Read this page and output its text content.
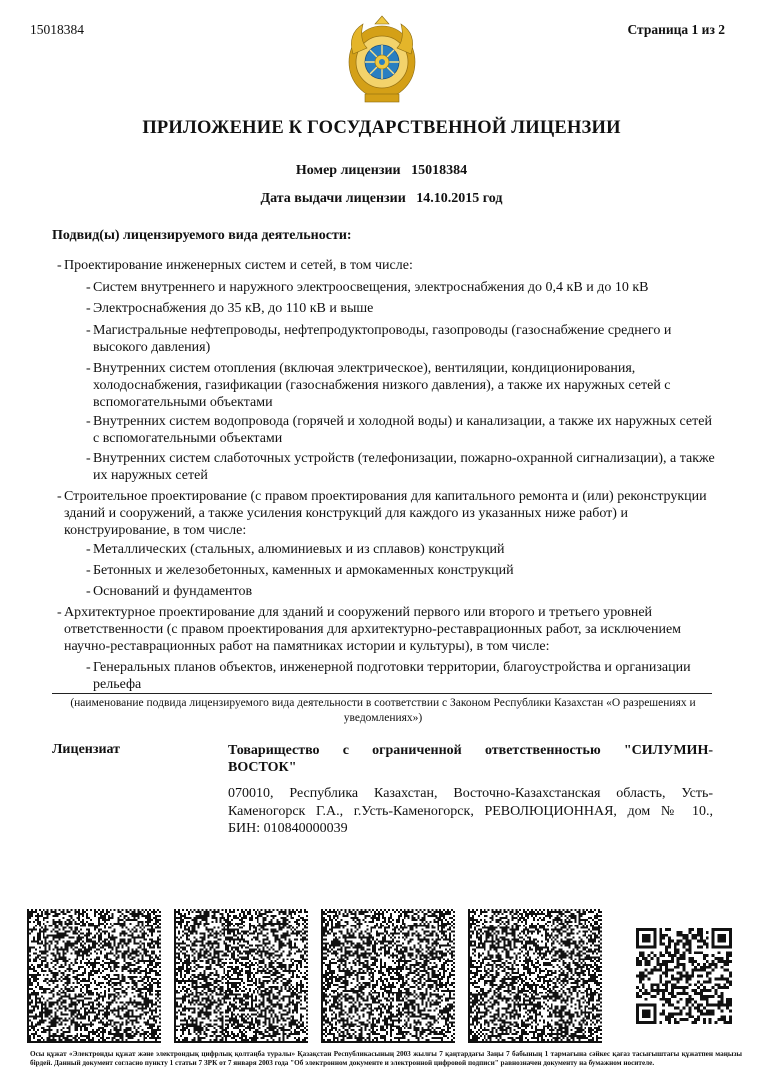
15018384	Страница 1 из 2
ПРИЛОЖЕНИЕ К ГОСУДАРСТВЕННОЙ ЛИЦЕНЗИИ
Номер лицензии   15018384
Дата выдачи лицензии   14.10.2015 год
Подвид(ы) лицензируемого вида деятельности:
- Проектирование инженерных систем и сетей, в том числе:
- Систем внутреннего и наружного электроосвещения, электроснабжения до 0,4 кВ и до 10 кВ
- Электроснабжения до 35 кВ, до 110 кВ и выше
- Магистральные нефтепроводы, нефтепродуктопроводы, газопроводы (газоснабжение среднего и высокого давления)
- Внутренних систем отопления (включая электрическое), вентиляции, кондиционирования, холодоснабжения, газификации (газоснабжения низкого давления), а также их наружных сетей с вспомогательными объектами
- Внутренних систем водопровода (горячей и холодной воды) и канализации, а также их наружных сетей с вспомогательными объектами
- Внутренних систем слаботочных устройств (телефонизации, пожарно-охранной сигнализации), а также их наружных сетей
- Строительное проектирование (с правом проектирования для капитального ремонта и (или) реконструкции зданий и сооружений, а также усиления конструкций для каждого из указанных ниже работ) и конструирование, в том числе:
- Металлических (стальных, алюминиевых и из сплавов) конструкций
- Бетонных и железобетонных, каменных и армокаменных конструкций
- Оснований и фундаментов
- Архитектурное проектирование для зданий и сооружений первого или второго и третьего уровней ответственности (с правом проектирования для архитектурно-реставрационных работ, за исключением научно-реставрационных работ на памятниках истории и культуры), в том числе:
- Генеральных планов объектов, инженерной подготовки территории, благоустройства и организации рельефа
(наименование подвида лицензируемого вида деятельности в соответствии с Законом Республики Казахстан «О разрешениях и уведомлениях»)
Лицензиат	Товарищество с ограниченной ответственностью "СИЛУМИН-
ВОСТОК"
070010, Республика Казахстан, Восточно-Казахстанская область, Усть-
Каменогорск Г.А., г.Усть-Каменогорск, РЕВОЛЮЦИОННАЯ, дом № 10.,
БИН: 010840000039
Осы құжат «Электронды құжат және электрондық цифрлық қолтаңба туралы» Қазақстан Республикасының 2003 жылғы 7 қаңтардағы Заңы 7 бабының 1 тармағына сәйкес қағаз тасығыштағы құжатпен маңызы бірдей. Данный документ согласно пункту 1 статьи 7 ЗРК от 7 января 2003 года "Об электронном документе и электронной цифровой подписи" равнозначен документу на бумажном носителе.
